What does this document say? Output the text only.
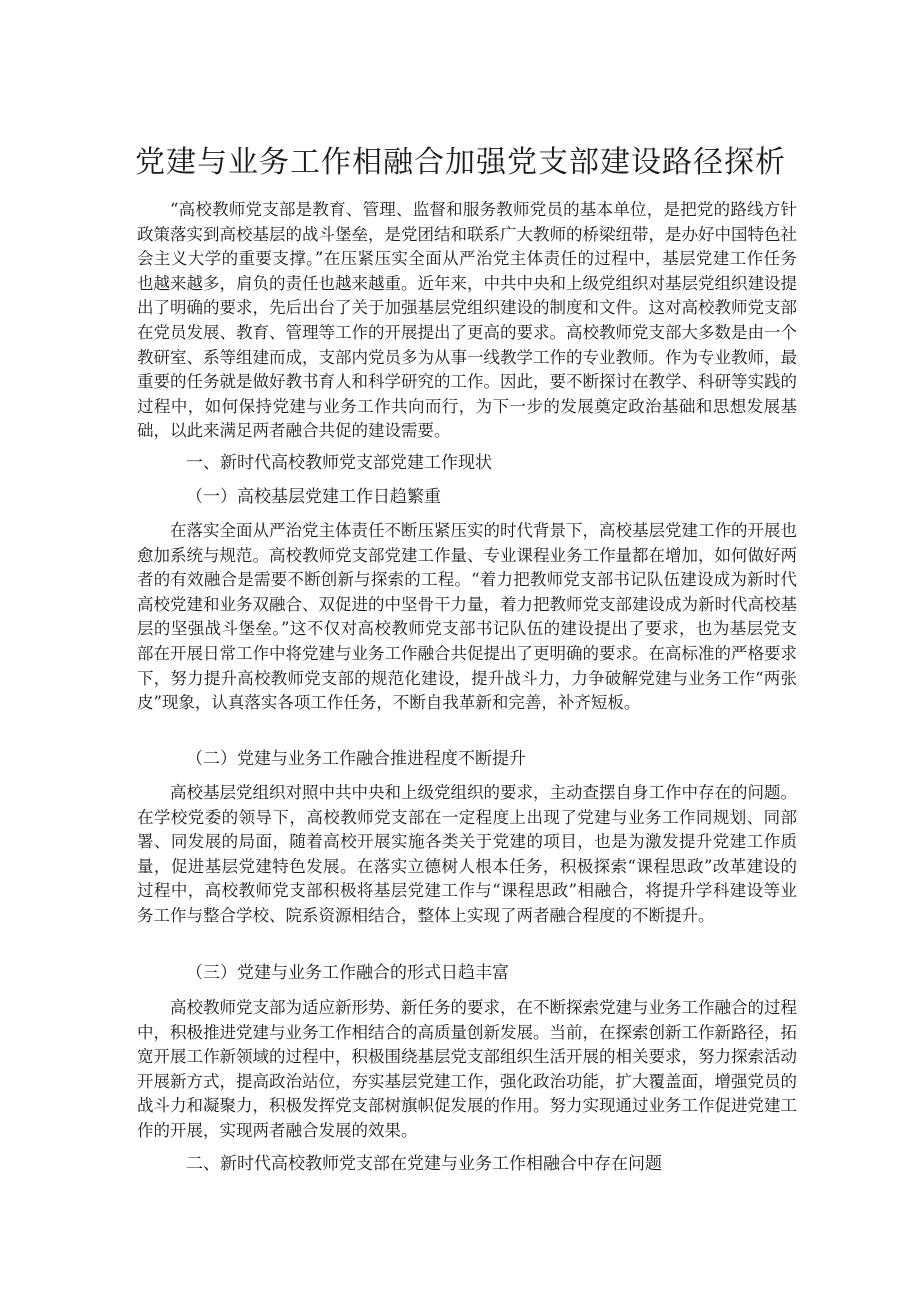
党建与业务工作相融合加强党支部建设路径探析

“高校教师党支部是教育、管理、监督和服务教师党员的基本单位，是把党的路线方针政策落实到高校基层的战斗堡垒，是党团结和联系广大教师的桥梁纽带，是办好中国特色社会主义大学的重要支撑。”在压紧压实全面从严治党主体责任的过程中，基层党建工作任务也越来越多，肩负的责任也越来越重。近年来，中共中央和上级党组织对基层党组织建设提出了明确的要求，先后出台了关于加强基层党组织建设的制度和文件。这对高校教师党支部在党员发展、教育、管理等工作的开展提出了更高的要求。高校教师党支部大多数是由一个教研室、系等组建而成，支部内党员多为从事一线教学工作的专业教师。作为专业教师，最重要的任务就是做好教书育人和科学研究的工作。因此，要不断探讨在教学、科研等实践的过程中，如何保持党建与业务工作共向而行，为下一步的发展奠定政治基础和思想发展基础，以此来满足两者融合共促的建设需要。

一、新时代高校教师党支部党建工作现状
（一）高校基层党建工作日趋繁重

在落实全面从严治党主体责任不断压紧压实的时代背景下，高校基层党建工作的开展也愈加系统与规范。高校教师党支部党建工作量、专业课程业务工作量都在增加，如何做好两者的有效融合是需要不断创新与探索的工程。“着力把教师党支部书记队伍建设成为新时代高校党建和业务双融合、双促进的中坚骨干力量，着力把教师党支部建设成为新时代高校基层的坚强战斗堡垒。”这不仅对高校教师党支部书记队伍的建设提出了要求，也为基层党支部在开展日常工作中将党建与业务工作融合共促提出了更明确的要求。在高标准的严格要求下，努力提升高校教师党支部的规范化建设，提升战斗力，力争破解党建与业务工作“两张皮”现象，认真落实各项工作任务，不断自我革新和完善，补齐短板。

（二）党建与业务工作融合推进程度不断提升

高校基层党组织对照中共中央和上级党组织的要求，主动查摆自身工作中存在的问题。在学校党委的领导下，高校教师党支部在一定程度上出现了党建与业务工作同规划、同部署、同发展的局面，随着高校开展实施各类关于党建的项目，也是为激发提升党建工作质量，促进基层党建特色发展。在落实立德树人根本任务，积极探索“课程思政”改革建设的过程中，高校教师党支部积极将基层党建工作与“课程思政”相融合，将提升学科建设等业务工作与整合学校、院系资源相结合，整体上实现了两者融合程度的不断提升。

（三）党建与业务工作融合的形式日趋丰富

高校教师党支部为适应新形势、新任务的要求，在不断探索党建与业务工作融合的过程中，积极推进党建与业务工作相结合的高质量创新发展。当前，在探索创新工作新路径，拓宽开展工作新领域的过程中，积极围绕基层党支部组织生活开展的相关要求，努力探索活动开展新方式，提高政治站位，夯实基层党建工作，强化政治功能，扩大覆盖面，增强党员的战斗力和凝聚力，积极发挥党支部树旗帜促发展的作用。努力实现通过业务工作促进党建工作的开展，实现两者融合发展的效果。

二、新时代高校教师党支部在党建与业务工作相融合中存在问题
